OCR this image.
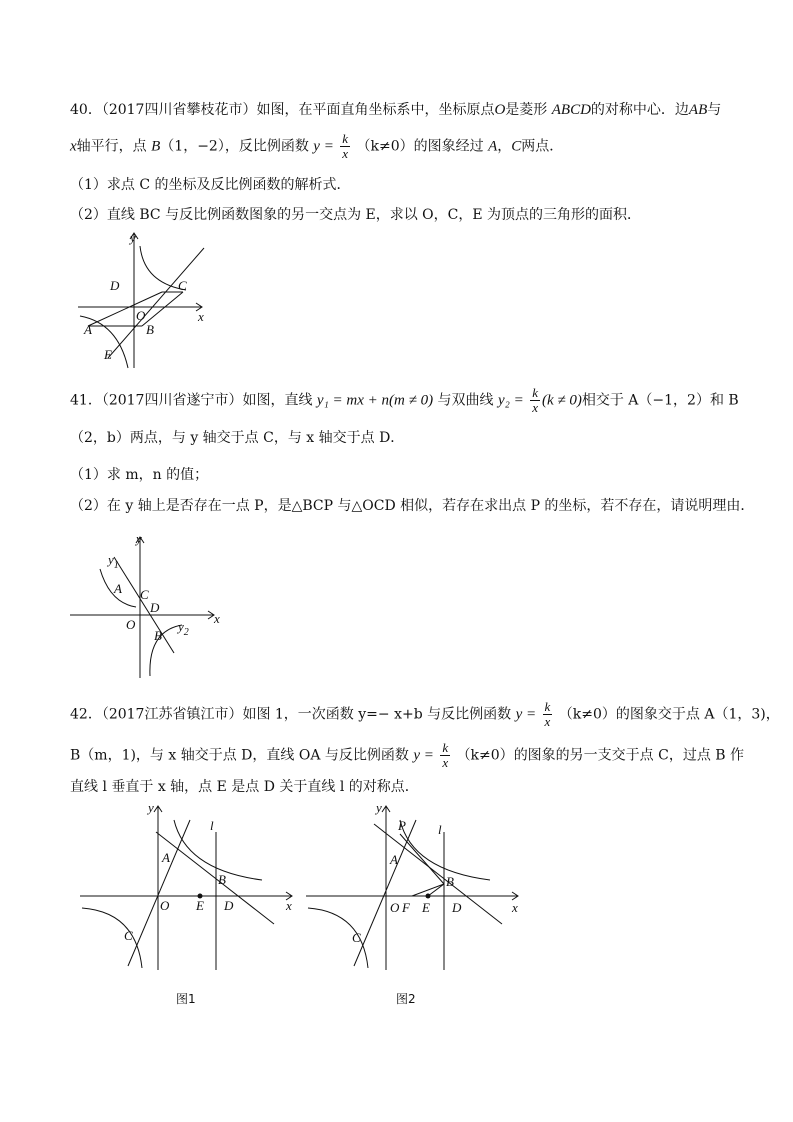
40．（2017四川省攀枝花市）如图，在平面直角坐标系中，坐标原点O是菱形 ABCD的对称中心．边AB与
x轴平行，点 B（1，−2），反比例函数 $y = \frac{k}{x} (k\ne 0)$的图象经过 A，C两点．
（1）求点 C 的坐标及反比例函数的解析式．
（2）直线 BC 与反比例函数图象的另一交点为 E，求以 O，C，E 为顶点的三角形的面积．
y
x
D	C
O
A	B
E
41．（2017四川省遂宁市）如图，直线 y₁ = mx + n(m ≠ 0) 与双曲线 $y_2 = \frac{k}{x} (k \ne 0)$相交于 A（−1，2）和 B
（2，b）两点，与 y 轴交于点 C，与 x 轴交于点 D．
（1）求 m，n 的值；
（2）在 y 轴上是否存在一点 P，是△BCP 与△OCD 相似，若存在求出点 P 的坐标，若不存在，请说明理由．
y
x
$y_1$
A C
D
O
B
$y_2$
42．（2017江苏省镇江市）如图 1，一次函数 y=− x+b 与反比例函数 $y = \frac{k}{x} (k\ne 0)$的图象交于点 A（1，3)，
B（m，1)，与 x 轴交于点 D，直线 OA 与反比例函数 $y = \frac{k}{x} (k\ne 0)$的图象的另一支交于点 C，过点 B 作
直线 l 垂直于 x 轴，点 E 是点 D 关于直线 l 的对称点．
y
x
l
A
B
O E D
C
图1
y
x
l
P
A
B
O F E D
C
图2
